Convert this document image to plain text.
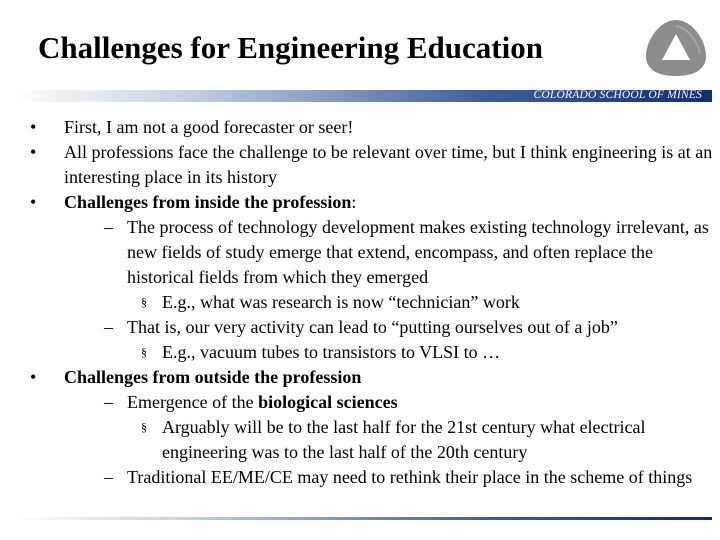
Challenges for Engineering Education
COLORADO SCHOOL OF MINES
•	First, I am not a good forecaster or seer!
•	All professions face the challenge to be relevant over time, but I think engineering is at an interesting place in its history
•	Challenges from inside the profession:
– The process of technology development makes existing technology irrelevant, as new fields of study emerge that extend, encompass, and often replace the historical fields from which they emerged
§ E.g., what was research is now “technician” work
– That is, our very activity can lead to “putting ourselves out of a job”
§ E.g., vacuum tubes to transistors to VLSI to …
•	Challenges from outside the profession
– Emergence of the biological sciences
§ Arguably will be to the last half for the 21st century what electrical engineering was to the last half of the 20th century
– Traditional EE/ME/CE may need to rethink their place in the scheme of things
